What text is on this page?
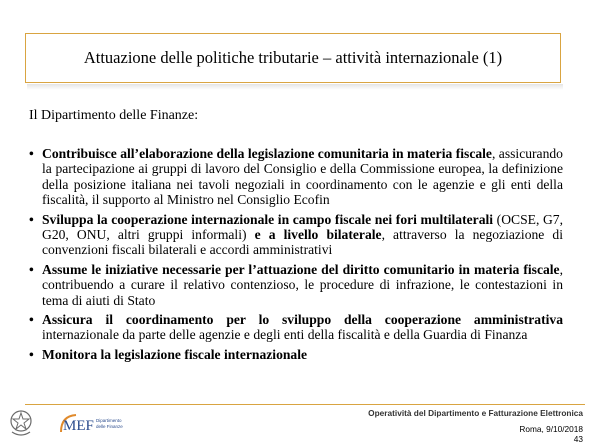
Attuazione delle politiche tributarie – attività internazionale (1)
Il Dipartimento delle Finanze:
• Contribuisce all’elaborazione della legislazione comunitaria in materia fiscale, assicurando la partecipazione ai gruppi di lavoro del Consiglio e della Commissione europea, la definizione della posizione italiana nei tavoli negoziali in coordinamento con le agenzie e gli enti della fiscalità, il supporto al Ministro nel Consiglio Ecofin
• Sviluppa la cooperazione internazionale in campo fiscale nei fori multilaterali (OCSE, G7, G20, ONU, altri gruppi informali) e a livello bilaterale, attraverso la negoziazione di convenzioni fiscali bilaterali e accordi amministrativi
• Assume le iniziative necessarie per l’attuazione del diritto comunitario in materia fiscale, contribuendo a curare il relativo contenzioso, le procedure di infrazione, le contestazioni in tema di aiuti di Stato
• Assicura il coordinamento per lo sviluppo della cooperazione amministrativa internazionale da parte delle agenzie e degli enti della fiscalità e della Guardia di Finanza
• Monitora la legislazione fiscale internazionale
MEF Dipartimento
delle Finanze
Operatività del Dipartimento e Fatturazione Elettronica
Roma, 9/10/2018
43
